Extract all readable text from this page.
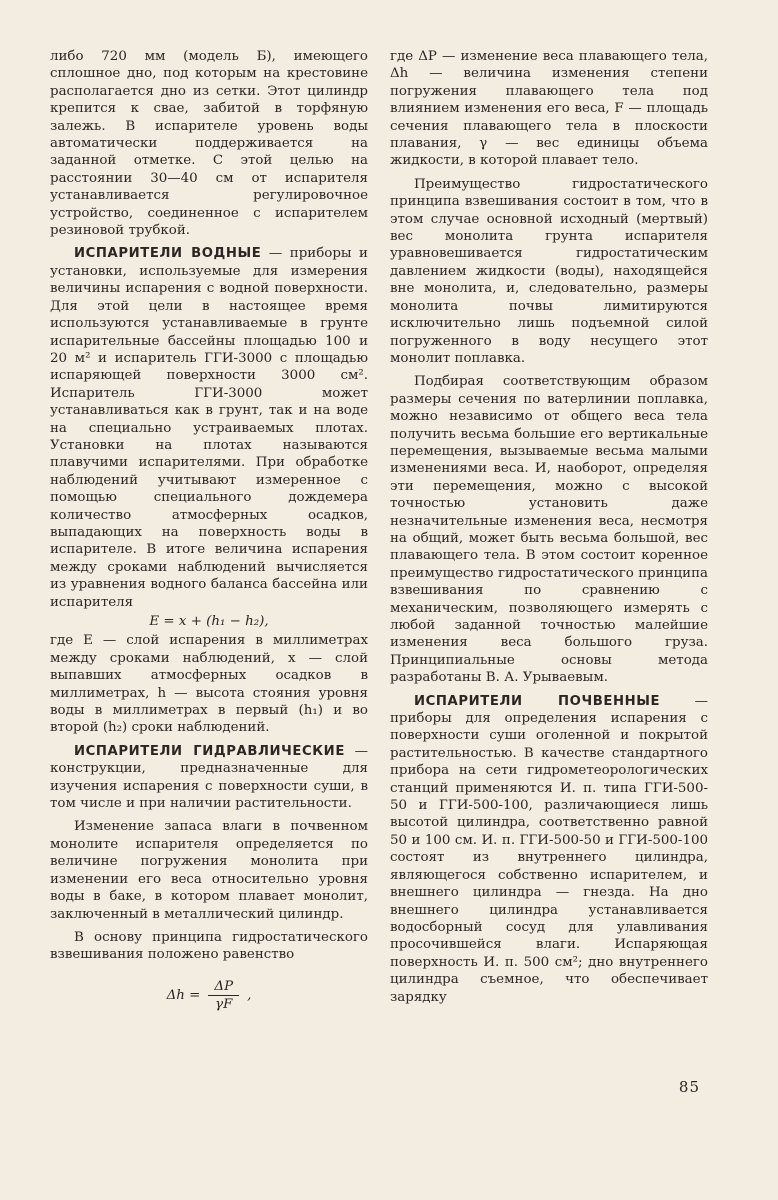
либо 720 мм (модель Б), имеющего сплошное дно, под которым на крестовине располагается дно из сетки. Этот цилиндр крепится к свае, забитой в торфяную залежь. В испарителе уровень воды автоматически поддерживается на заданной отметке. С этой целью на расстоянии 30—40 см от испарителя устанавливается регулировочное устройство, соединенное с испарителем резиновой трубкой.

ИСПАРИТЕЛИ ВОДНЫЕ — приборы и установки, используемые для измерения величины испарения с водной поверхности. Для этой цели в настоящее время используются устанавливаемые в грунте испарительные бассейны площадью 100 и 20 м² и испаритель ГГИ-3000 с площадью испаряющей поверхности 3000 см². Испаритель ГГИ-3000 может устанавливаться как в грунт, так и на воде на специально устраиваемых плотах. Установки на плотах называются плавучими испарителями. При обработке наблюдений учитывают измеренное с помощью специального дождемера количество атмосферных осадков, выпадающих на поверхность воды в испарителе. В итоге величина испарения между сроками наблюдений вычисляется из уравнения водного баланса бассейна или испарителя

E = x + (h₁ − h₂),

где E — слой испарения в миллиметрах между сроками наблюдений, x — слой выпавших атмосферных осадков в миллиметрах, h — высота стояния уровня воды в миллиметрах в первый (h₁) и во второй (h₂) сроки наблюдений.

ИСПАРИТЕЛИ ГИДРАВЛИЧЕСКИЕ — конструкции, предназначенные для изучения испарения с поверхности суши, в том числе и при наличии растительности.

Изменение запаса влаги в почвенном монолите испарителя определяется по величине погружения монолита при изменении его веса относительно уровня воды в баке, в котором плавает монолит, заключенный в металлический цилиндр.

В основу принципа гидростатического взвешивания положено равенство

$\Delta h = \frac{\Delta P}{\gamma F}$ ,

где ΔP — изменение веса плавающего тела, Δh — величина изменения степени погружения плавающего тела под влиянием изменения его веса, F — площадь сечения плавающего тела в плоскости плавания, γ — вес единицы объема жидкости, в которой плавает тело.

Преимущество гидростатического принципа взвешивания состоит в том, что в этом случае основной исходный (мертвый) вес монолита грунта испарителя уравновешивается гидростатическим давлением жидкости (воды), находящейся вне монолита, и, следовательно, размеры монолита почвы лимитируются исключительно лишь подъемной силой погруженного в воду несущего этот монолит поплавка.

Подбирая соответствующим образом размеры сечения по ватерлинии поплавка, можно независимо от общего веса тела получить весьма большие его вертикальные перемещения, вызываемые весьма малыми изменениями веса. И, наоборот, определяя эти перемещения, можно с высокой точностью установить даже незначительные изменения веса, несмотря на общий, может быть весьма большой, вес плавающего тела. В этом состоит коренное преимущество гидростатического принципа взвешивания по сравнению с механическим, позволяющего измерять с любой заданной точностью малейшие изменения веса большого груза. Принципиальные основы метода разработаны В. А. Урываевым.

ИСПАРИТЕЛИ ПОЧВЕННЫЕ — приборы для определения испарения с поверхности суши оголенной и покрытой растительностью. В качестве стандартного прибора на сети гидрометеорологических станций применяются И. п. типа ГГИ-500-50 и ГГИ-500-100, различающиеся лишь высотой цилиндра, соответственно равной 50 и 100 см. И. п. ГГИ-500-50 и ГГИ-500-100 состоят из внутреннего цилиндра, являющегося собственно испарителем, и внешнего цилиндра — гнезда. На дно внешнего цилиндра устанавливается водосборный сосуд для улавливания просочившейся влаги. Испаряющая поверхность И. п. 500 см²; дно внутреннего цилиндра съемное, что обеспечивает зарядку

85
